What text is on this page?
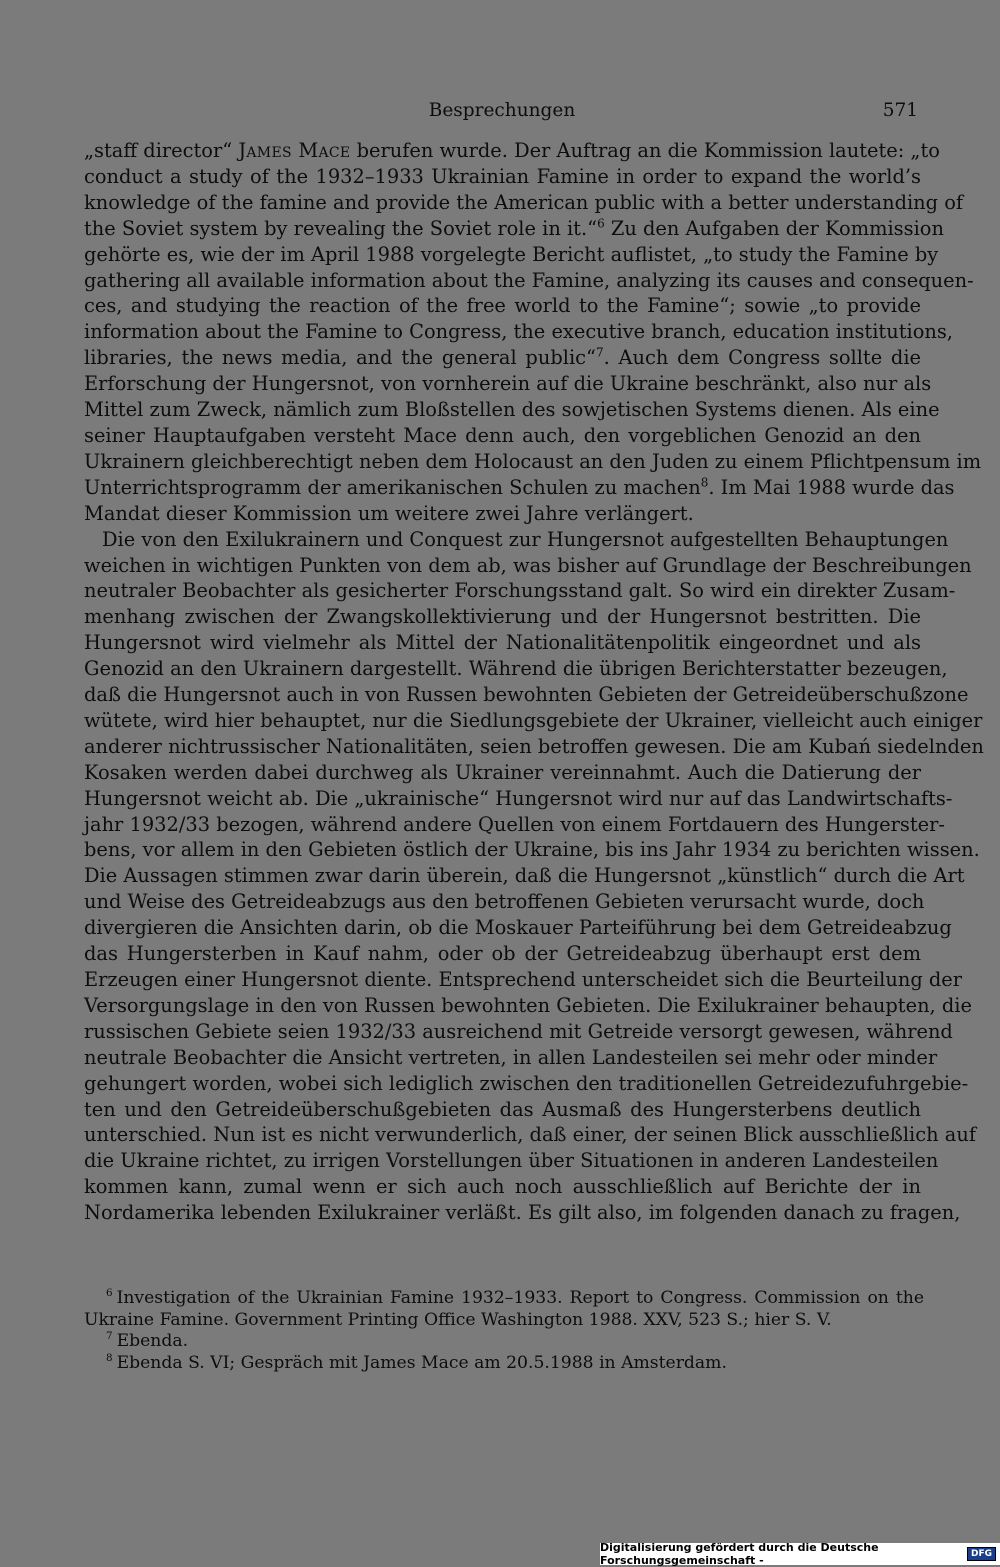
Besprechungen	571
„staff director“ James Mace berufen wurde. Der Auftrag an die Kommission lautete: „to
conduct a study of the 1932–1933 Ukrainian Famine in order to expand the world’s
knowledge of the famine and provide the American public with a better understanding of
the Soviet system by revealing the Soviet role in it.“$^6$ Zu den Aufgaben der Kommission
gehörte es, wie der im April 1988 vorgelegte Bericht auflistet, „to study the Famine by
gathering all available information about the Famine, analyzing its causes and consequen-
ces, and studying the reaction of the free world to the Famine“; sowie „to provide
information about the Famine to Congress, the executive branch, education institutions,
libraries, the news media, and the general public“$^7$. Auch dem Congress sollte die
Erforschung der Hungersnot, von vornherein auf die Ukraine beschränkt, also nur als
Mittel zum Zweck, nämlich zum Bloßstellen des sowjetischen Systems dienen. Als eine
seiner Hauptaufgaben versteht Mace denn auch, den vorgeblichen Genozid an den
Ukrainern gleichberechtigt neben dem Holocaust an den Juden zu einem Pflichtpensum im
Unterrichtsprogramm der amerikanischen Schulen zu machen$^8$. Im Mai 1988 wurde das
Mandat dieser Kommission um weitere zwei Jahre verlängert.
Die von den Exilukrainern und Conquest zur Hungersnot aufgestellten Behauptungen
weichen in wichtigen Punkten von dem ab, was bisher auf Grundlage der Beschreibungen
neutraler Beobachter als gesicherter Forschungsstand galt. So wird ein direkter Zusam-
menhang zwischen der Zwangskollektivierung und der Hungersnot bestritten. Die
Hungersnot wird vielmehr als Mittel der Nationalitätenpolitik eingeordnet und als
Genozid an den Ukrainern dargestellt. Während die übrigen Berichterstatter bezeugen,
daß die Hungersnot auch in von Russen bewohnten Gebieten der Getreideüberschußzone
wütete, wird hier behauptet, nur die Siedlungsgebiete der Ukrainer, vielleicht auch einiger
anderer nichtrussischer Nationalitäten, seien betroffen gewesen. Die am Kubań siedelnden
Kosaken werden dabei durchweg als Ukrainer vereinnahmt. Auch die Datierung der
Hungersnot weicht ab. Die „ukrainische“ Hungersnot wird nur auf das Landwirtschafts-
jahr 1932/33 bezogen, während andere Quellen von einem Fortdauern des Hungerster-
bens, vor allem in den Gebieten östlich der Ukraine, bis ins Jahr 1934 zu berichten wissen.
Die Aussagen stimmen zwar darin überein, daß die Hungersnot „künstlich“ durch die Art
und Weise des Getreideabzugs aus den betroffenen Gebieten verursacht wurde, doch
divergieren die Ansichten darin, ob die Moskauer Parteiführung bei dem Getreideabzug
das Hungersterben in Kauf nahm, oder ob der Getreideabzug überhaupt erst dem
Erzeugen einer Hungersnot diente. Entsprechend unterscheidet sich die Beurteilung der
Versorgungslage in den von Russen bewohnten Gebieten. Die Exilukrainer behaupten, die
russischen Gebiete seien 1932/33 ausreichend mit Getreide versorgt gewesen, während
neutrale Beobachter die Ansicht vertreten, in allen Landesteilen sei mehr oder minder
gehungert worden, wobei sich lediglich zwischen den traditionellen Getreidezufuhrgebie-
ten und den Getreideüberschußgebieten das Ausmaß des Hungersterbens deutlich
unterschied. Nun ist es nicht verwunderlich, daß einer, der seinen Blick ausschließlich auf
die Ukraine richtet, zu irrigen Vorstellungen über Situationen in anderen Landesteilen
kommen kann, zumal wenn er sich auch noch ausschließlich auf Berichte der in
Nordamerika lebenden Exilukrainer verläßt. Es gilt also, im folgenden danach zu fragen,
$^6$ Investigation of the Ukrainian Famine 1932–1933. Report to Congress. Commission on the
Ukraine Famine. Government Printing Office Washington 1988. XXV, 523 S.; hier S. V.
$^7$ Ebenda.
$^8$ Ebenda S. VI; Gespräch mit James Mace am 20.5.1988 in Amsterdam.
Digitalisierung gefördert durch die Deutsche Forschungsgemeinschaft -	DFG
